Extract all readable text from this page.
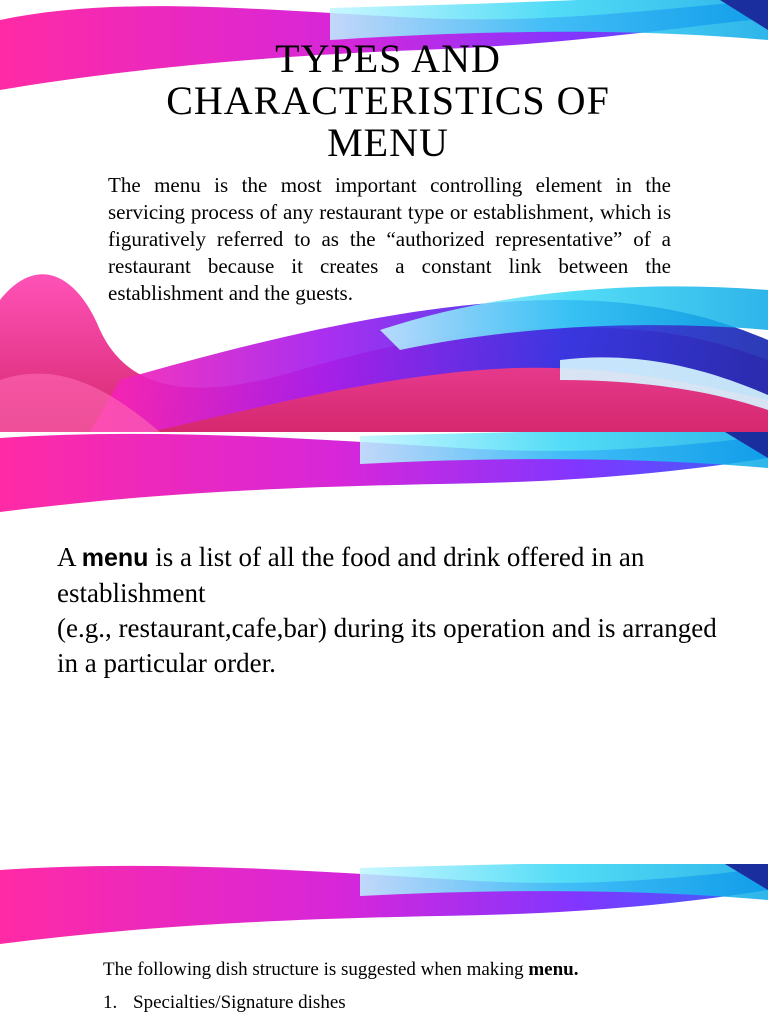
TYPES AND CHARACTERISTICS OF MENU
The menu is the most important controlling element in the servicing process of any restaurant type or establishment, which is figuratively referred to as the “authorized representative” of a restaurant because it creates a constant link between the establishment and the guests.
A menu is a list of all the food and drink offered in an establishment
(e.g., restaurant,cafe,bar) during its operation and is arranged in a particular order.
The following dish structure is suggested when making menu.
1. Specialties/Signature dishes
